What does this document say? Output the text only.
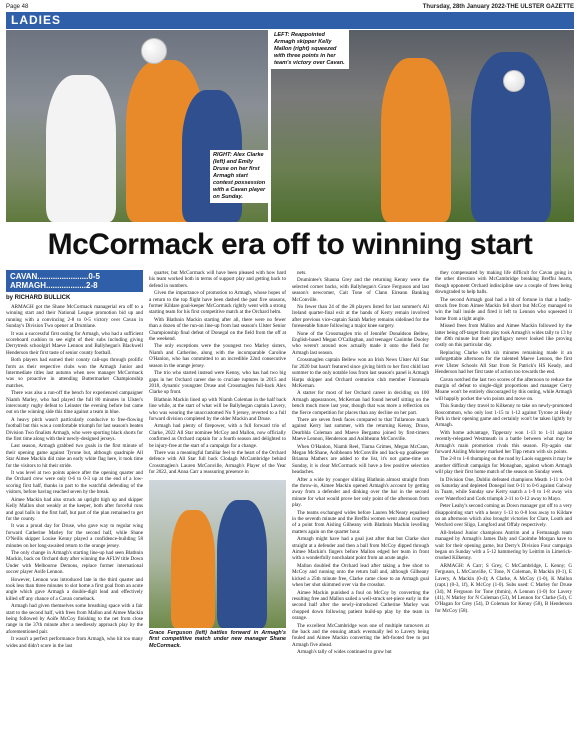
Page 48	Thursday, 28th January 2022-THE ULSTER GAZETTE
LADIES
LEFT: Reappointed Armagh skipper Kelly Mallon (right) squeezed with three points in her team's victory over Cavan.
RIGHT: Alex Clarke (left) and Emily Druse on her first Armagh start contest possession with a Cavan player on Sunday.
McCormack era off to winning start
CAVAN.......................0-5
ARMAGH..................2-8

by RICHARD BULLICK

ARMAGH got the Shane McCormack managerial era off to a winning start and their National League promotion bid up and running with a convincing 2-8 to 0-5 victory over Cavan in Sunday's Division Two opener at Drumlane.

It was a successful first outing for Armagh, who had a sufficient scoreboard cushion to see eight of their subs including giving Derrytresk schoolgirl Maeve Lennon and Ballyhegan's Blackwell Henderson their first taste of senior county football.

Both players had earned their county call-ups through prolific form as their respective clubs won the Armagh Junior and Intermediate titles last autumn when new manager McCormack was so proactive in attending Buttermarket Championship matches.

There was also a run-off the bench for experienced campaigner Niamh Marley, who had played the full 80 minutes in Ulster's intercounty rugby defeat to Leinster the evening before but came out on the winning side this time against a team in blue.

A heavy pitch wasn't particularly conducive to free-flowing football but this was a comfortable triumph for last season's beaten Division Two finalists Armagh, who were sporting black shorts for the first time along with their newly-designed jerseys.

Last season, Armagh grabbed two goals in the first minute of their opening game against Tyrone but, although quadruple All Star Aimee Mackin did raise an early white flag here, it took time for the visitors to hit their stride.

It was level at two points apiece after the opening quarter and the Orchard crew were only 0-6 to 0-3 up at the end of a low-scoring first half, thanks in part to the watchful defending of the visitors, before having reached seven by the break.

Aimee Mackin had also struck an upright high up and skipper Kelly Mallon shot weakly at the keeper, both after forceful runs and goal balls in the first half, but part of the plan remained to get for the county.

It was a proud day for Druse, who gave way to regular wing forward Catherine Marley for the second half, while Shane O'Neills skipper Louise Kenny played a confidence-building 58 minutes on her long-awaited return to the orange jersey.

The only change in Armagh's starting line-up had seen Blathnin Mackin, back on Orchard duty after winning the AFLW title Down Under with Melbourne Demons, replace former international soccer player Aoife Lennon.

However, Lennon was introduced late in the third quarter and took less than three minutes to slot home a first goal from an acute angle which gave Armagh a double-digit lead and effectively killed off any chance of a Cavan comeback.

Armagh had given themselves some breathing space with a fair start to the second half, with frees from Mallon and Aimee Mackin being followed by Aoife McCoy finishing to the net from close range in the 37th minute after a needlessly approach play by the aforementioned pair.

It wasn't a perfect performance from Armagh, who hit too many wides and didn't score in the last

quarter, but McCormack will have been pleased with how hard his team worked both in terms of support play and getting back to defend in numbers.

Given the importance of promotion to Armagh, whose hopes of a return to the top flight have been dashed the past five seasons, former Kildare goal-keeper McCormack rightly went with a strong starting team for his first competitive match at the Orchard helm.

With Blathnin Mackin starting after all, there were no fewer than a dozen of the run-on line-up from last season's Ulster Senior Championship final defeat of Donegal on the field from the off at the weekend.

The only exceptions were the youngest two Marley sisters, Niamh and Catherine, along with the incomparable Caroline O'Hanlon, who has committed to an incredible 22nd consecutive season in the orange jersey.

The trio who started instead were Kenny, who has had two big gaps in her Orchard career due to cruciate ruptures in 2015 and 2018, dynamic youngster Druse and Crossmaglen full-back Alex Clarke up front.

Blathnin Mackin lined up with Niamh Coleman in the half back line while, at the start of what will be Ballyhegan captain Lavery, who was wearing the unaccustomed No 9 jersey, reverted to a full forward division completed by the older Mackin and Druse.

Armagh had plenty of firepower, with a full forward trio of Clarke, 2022 All Star nominee McCoy and Mallon, now officially confirmed as Orchard captain for a fourth season and delighted to be injury-free at the start of a campaign for a change.

There was a meaningful familiar feel to the heart of the Orchard defence with All Star full back Clodagh McCambridge behind Crossmaglen's Lauren McConville, Armagh's Player of the Year for 2022, and Anna Carr a reassuring presence in

Grace Ferguson (left) battles forward in Armagh's first competitive match under new manager Shane McCormack.

nets.

Drumintee's Shauna Grey and the returning Kenny were the selected corner backs, with Ballyhegan's Grace Ferguson and last season's newcomer, Cait Tone of Clann Eireann Banking McConville.

No fewer than 24 of the 28 players listed for last summer's All Ireland quarter-final exit at the hands of Kerry remain involved after previous vice-captain Sarah Marley remains sidelined for the foreseeable future following a major knee surgery.

None of the Crossmaglen trio of Jennifer Donaldson Bellew, English-based Megan O'Callaghan, and teenager Caoimhe Dooley who weren't around now actually made it onto the field for Armagh last season.

Crossmaglen captain Bellew won an Irish News Ulster All Star for 2020 but hasn't featured since giving birth to her first child last summer to the only notable loss from last season's panel is Armagh Harps skipper and Orchard centurion club member Fionnuala McKernan.

A starter for most of her Orchard career in deciding on 100 Armagh appearances, McKernan had found herself sitting on the bench much more last year, though that was more a reflection on the fierce competition for places than any decline on her part.

There are seven fresh faces compared to that Tullamore match against Kerry last summer, with the returning Kenny, Druse, Dearbhla Coleman and Maeve Bergamo joined by first-timers Maeve Lennon, Henderson and Aoibheann McConville.

When O'Hanlon, Niamh Reel, Tiarna Grimes, Megan McCann, Megan McShane, Aoibheann McConville and back-up goalkeeper Brianna Mathers are added to the list, it's not game-time on Sunday, it is clear McCormack will have a few positive selection headaches.

After a wide by younger sibling Blathnin almost straight from the throw-in, Aimee Mackin opened Armagh's account by getting away from a defender and dinking over the bar in the second minute for what would prove her only point of the afternoon from play.

The teams exchanged wides before Lauren McNeary equalised in the seventh minute and the Breffni women went ahead courtesy of a point from Aisling Gilheany with Blathnin Mackin levelling matters again on the quarter hour.

Armagh might have had a goal just after that but Clarke shot straight at a defender and then a ball from McCoy dipped through Aimee Mackin's fingers before Mallon edged her team in front with a wonderfully nonchalant point from an acute angle.

Mallon doubled the Orchard lead after taking a free short to McCoy and running onto the return ball and, although Gilheany kicked a 25th minute free, Clarke came close to an Armagh goal when her shot skimmed over via the crossbar.

Aimee Mackin punished a foul on McCoy by converting the resulting free and Mallon sailed a well-struck set-piece early in the second half after the newly-introduced Catherine Marley was chopped down following patient build-up play by the team in orange.

The excellent McCambridge won one of multiple turnovers at the back and the ensuing attack eventually led to Lavery being fouled and Aimee Mackin converting the left-footed free to put Armagh five ahead.

Armagh's tally of wides continued to grow but

they compensated by making life difficult for Cavan going in the other direction with McCambridge breaking Breffni hearts, though opponent Orchard indiscipline saw a couple of frees being downgraded to help balls.

The second Armagh goal had a bit of fortune in that a badly-struck free from Aimee Mackin fell short but McCoy managed to win the ball inside and fired it left to Lennon who squeezed it home from a tight angle.

Missed frees from Mallon and Aimee Mackin followed by the latter being off-target from play took Armagh's wides tally to 13 by the 49th minute but their profligacy never looked like proving costly on this particular day.

Replacing Clarke with six minutes remaining made it an unforgettable afternoon for the talented Maeve Lennon, the first ever Ulster Schools All Star from St Patrick's HS Keady, and Henderson had her first taste of action too towards the end.

Cavan notched the last two scores of the afternoon to reduce the margin of defeat to single-digit proportions and manager Gerry Moane won't be entirely discouraged by this outing, while Armagh will happily pocket the win points and move on.

This Sunday they travel to Kilkenny to take on newly-promoted Roscommon, who only lost 1-15 to 1-12 against Tyrone at Healy Park in their opening game and certainly won't be taken lightly by Armagh.

With home advantage, Tipperary won 1-13 to 1-11 against recently-relegated Westmeath in a battle between what may be Armagh's main promotion rivals this season. Fly-again star forward Aisling Moloney marked her Tipp return with six points.

The 2-8 to 1-6 thumping on the road by Laois suggests it may be another difficult campaign for Monaghan, against whom Armagh will play their first home match of the season on Sunday week.

In Division One, Dublin defeated champions Meath 1-11 to 0-8 on Saturday and depleted Donegal lost 0-11 to 0-6 against Galway in Tuam, while Sunday saw Kerry snatch a 1-9 to 1-8 away win over Waterford and Cork triumph 2-11 to 0-12 away to Mayo.

Peter Leahy's second coming as Down manager got off to a very disappointing start with a heavy 1-13 to 0-8 loss away to Kildare on an afternoon which also brought victories for Clare, Louth and Wexford over Sligo, Longford and Offaly respectively.

All-Ireland Junior champions Antrim and a Fermanagh team managed by Armagh's James Daly and Caoimhe Morgan have to wait for their opening game, but Derry's Division Four campaign began on Sunday with a 5-12 hammering by Leitrim in Limerick-crushed Kilkenny.

ARMAGH: A Carr; S Grey, C McCambridge, L Kenny; G Ferguson, L McConville, C Tone, N Coleman, B Mackin (0-1), E Lavery, A Mackin (0-4); A Clarke, A McCoy (1-0), K Mallon (capt.) (0-3, 1f), K McCoy (1-0). Subs used: C Marley for Druse (34), M Ferguson for Tone (thmin), A Lennon (1-0) for Lavery (41), N Marley for N Coleman (53), M Lennon for Clarke (54), C O'Hagan for Grey (54), D Coleman for Kenny (58), B Henderson for McCoy (58).
